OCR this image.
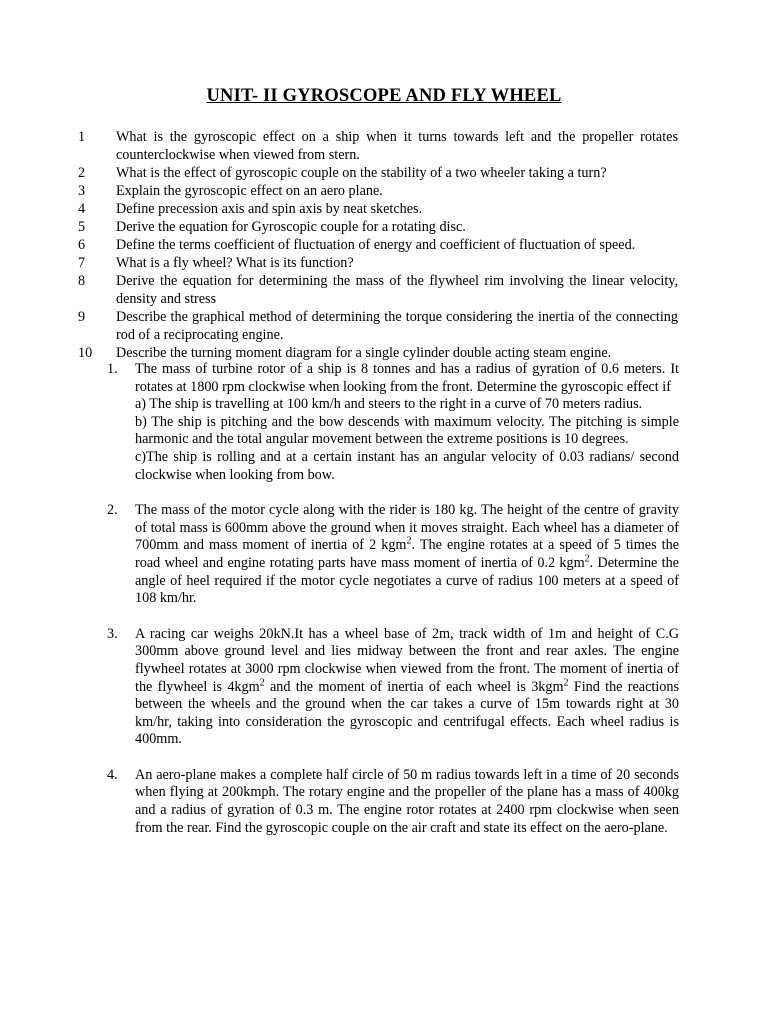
UNIT- II GYROSCOPE AND FLY WHEEL
1	What is the gyroscopic effect on a ship when it turns towards left and the propeller rotates counterclockwise when viewed from stern.
2	What is the effect of gyroscopic couple on the stability of a two wheeler taking a turn?
3	Explain the gyroscopic effect on an aero plane.
4	Define precession axis and spin axis by neat sketches.
5	Derive the equation for Gyroscopic couple for a rotating disc.
6	Define the terms coefficient of fluctuation of energy and coefficient of fluctuation of speed.
7	What is a fly wheel? What is its function?
8	Derive the equation for determining the mass of the flywheel rim involving the linear velocity, density and stress
9	Describe the graphical method of determining the torque considering the inertia of the connecting rod of a reciprocating engine.
10	Describe the turning moment diagram for a single cylinder double acting steam engine.
1.	The mass of turbine rotor of a ship is 8 tonnes and has a radius of gyration of 0.6 meters. It rotates at 1800 rpm clockwise when looking from the front. Determine the gyroscopic effect if

a) The ship is travelling at 100 km/h and steers to the right in a curve of 70 meters radius.

b) The ship is pitching and the bow descends with maximum velocity. The pitching is simple harmonic and the total angular movement between the extreme positions is 10 degrees.

c)The ship is rolling and at a certain instant has an angular velocity of 0.03 radians/ second clockwise when looking from bow.

2.	The mass of the motor cycle along with the rider is 180 kg. The height of the centre of gravity of total mass is 600mm above the ground when it moves straight. Each wheel has a diameter of 700mm and mass moment of inertia of 2 kgm$^2$. The engine rotates at a speed of 5 times the road wheel and engine rotating parts have mass moment of inertia of 0.2 kgm$^2$. Determine the angle of heel required if the motor cycle negotiates a curve of radius 100 meters at a speed of 108 km/hr.
3.	A racing car weighs 20kN.It has a wheel base of 2m, track width of 1m and height of C.G 300mm above ground level and lies midway between the front and rear axles. The engine flywheel rotates at 3000 rpm clockwise when viewed from the front. The moment of inertia of the flywheel is 4kgm$^2$ and the moment of inertia of each wheel is 3kgm$^2$ Find the reactions between the wheels and the ground when the car takes a curve of 15m towards right at 30 km/hr, taking into consideration the gyroscopic and centrifugal effects. Each wheel radius is 400mm.
4.	An aero-plane makes a complete half circle of 50 m radius towards left in a time of 20 seconds when flying at 200kmph. The rotary engine and the propeller of the plane has a mass of 400kg and a radius of gyration of 0.3 m. The engine rotor rotates at 2400 rpm clockwise when seen from the rear. Find the gyroscopic couple on the air craft and state its effect on the aero-plane.
